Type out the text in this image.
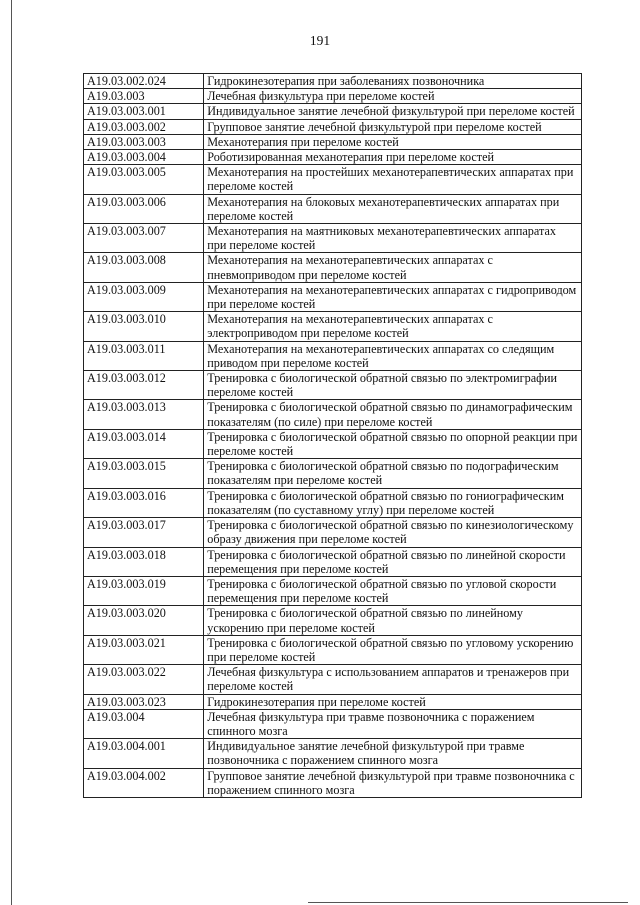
191
A19.03.002.024	Гидрокинезотерапия при заболеваниях позвоночника
A19.03.003	Лечебная физкультура при переломе костей
A19.03.003.001	Индивидуальное занятие лечебной физкультурой при переломе костей
A19.03.003.002	Групповое занятие лечебной физкультурой при переломе костей
A19.03.003.003	Механотерапия при переломе костей
A19.03.003.004	Роботизированная механотерапия при переломе костей
A19.03.003.005	Механотерапия на простейших механотерапевтических аппаратах при переломе костей
A19.03.003.006	Механотерапия на блоковых механотерапевтических аппаратах при переломе костей
A19.03.003.007	Механотерапия на маятниковых механотерапевтических аппаратах при переломе костей
A19.03.003.008	Механотерапия на механотерапевтических аппаратах с пневмоприводом при переломе костей
A19.03.003.009	Механотерапия на механотерапевтических аппаратах с гидроприводом при переломе костей
A19.03.003.010	Механотерапия на механотерапевтических аппаратах с электроприводом при переломе костей
A19.03.003.011	Механотерапия на механотерапевтических аппаратах со следящим приводом при переломе костей
A19.03.003.012	Тренировка с биологической обратной связью по электромиграфии переломе костей
A19.03.003.013	Тренировка с биологической обратной связью по динамографическим показателям (по силе) при переломе костей
A19.03.003.014	Тренировка с биологической обратной связью по опорной реакции при переломе костей
A19.03.003.015	Тренировка с биологической обратной связью по подографическим показателям при переломе костей
A19.03.003.016	Тренировка с биологической обратной связью по гониографическим показателям (по суставному углу) при переломе костей
A19.03.003.017	Тренировка с биологической обратной связью по кинезиологическому образу движения при переломе костей
A19.03.003.018	Тренировка с биологической обратной связью по линейной скорости перемещения при переломе костей
A19.03.003.019	Тренировка с биологической обратной связью по угловой скорости перемещения при переломе костей
A19.03.003.020	Тренировка с биологической обратной связью по линейному ускорению при переломе костей
A19.03.003.021	Тренировка с биологической обратной связью по угловому ускорению при переломе костей
A19.03.003.022	Лечебная физкультура с использованием аппаратов и тренажеров при переломе костей
A19.03.003.023	Гидрокинезотерапия при переломе костей
A19.03.004	Лечебная физкультура при травме позвоночника с поражением спинного мозга
A19.03.004.001	Индивидуальное занятие лечебной физкультурой при травме позвоночника с поражением спинного мозга
A19.03.004.002	Групповое занятие лечебной физкультурой при травме позвоночника с поражением спинного мозга
